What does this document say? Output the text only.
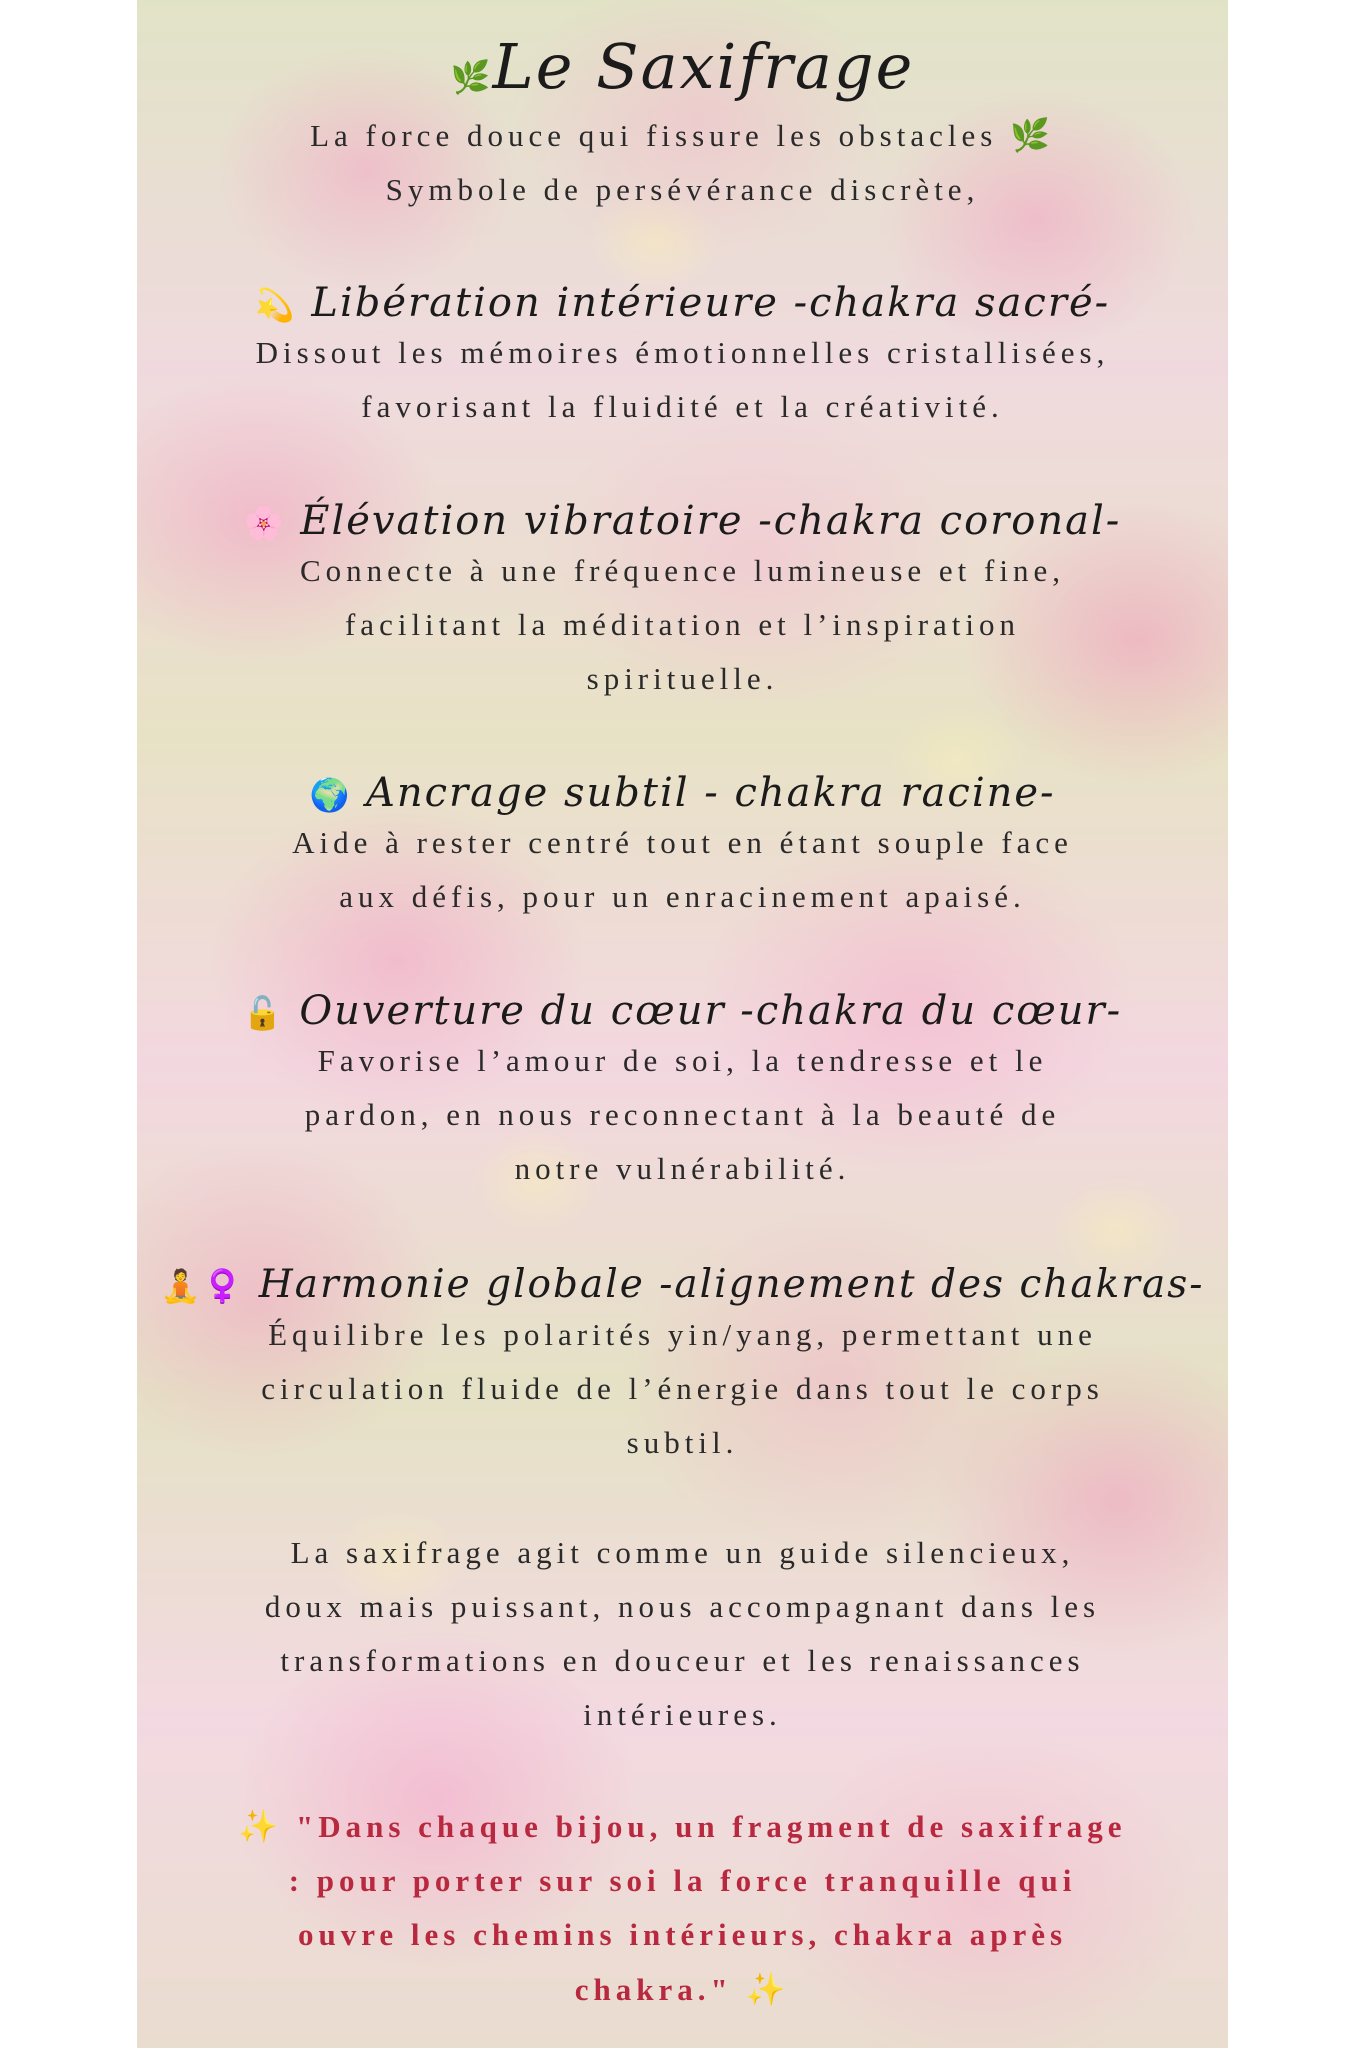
🌿Le Saxifrage
La force douce qui fissure les obstacles 🌿
Symbole de persévérance discrète,
💫 Libération intérieure -chakra sacré-
Dissout les mémoires émotionnelles cristallisées,
favorisant la fluidité et la créativité.
🌸 Élévation vibratoire -chakra coronal-
Connecte à une fréquence lumineuse et fine,
facilitant la méditation et l’inspiration
spirituelle.
🌍 Ancrage subtil - chakra racine-
Aide à rester centré tout en étant souple face
aux défis, pour un enracinement apaisé.
🔓 Ouverture du cœur -chakra du cœur-
Favorise l’amour de soi, la tendresse et le
pardon, en nous reconnectant à la beauté de
notre vulnérabilité.
🧘♀️ Harmonie globale -alignement des chakras-
Équilibre les polarités yin/yang, permettant une
circulation fluide de l’énergie dans tout le corps
subtil.
La saxifrage agit comme un guide silencieux,
doux mais puissant, nous accompagnant dans les
transformations en douceur et les renaissances
intérieures.
✨ "Dans chaque bijou, un fragment de saxifrage
: pour porter sur soi la force tranquille qui
ouvre les chemins intérieurs, chakra après
chakra." ✨
